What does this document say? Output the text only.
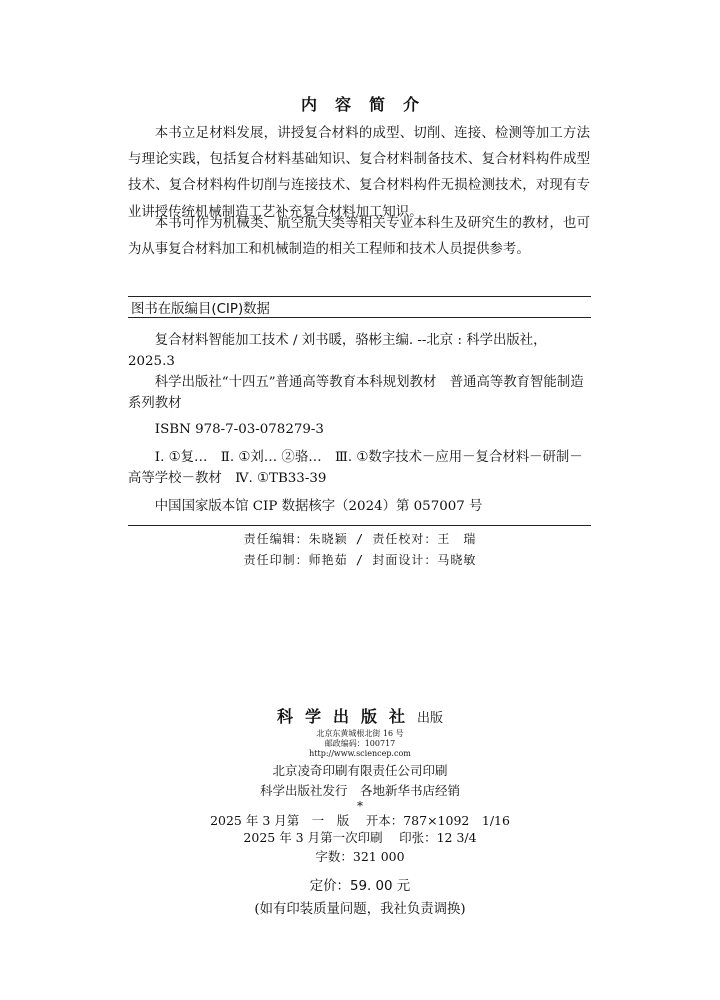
内容简介

本书立足材料发展，讲授复合材料的成型、切削、连接、检测等加工方法与理论实践，包括复合材料基础知识、复合材料制备技术、复合材料构件成型技术、复合材料构件切削与连接技术、复合材料构件无损检测技术，对现有专业讲授传统机械制造工艺补充复合材料加工知识。

本书可作为机械类、航空航天类等相关专业本科生及研究生的教材，也可为从事复合材料加工和机械制造的相关工程师和技术人员提供参考。

图书在版编目(CIP)数据

复合材料智能加工技术 / 刘书暖，骆彬主编. --北京 : 科学出版社，

2025.3

科学出版社“十四五”普通高等教育本科规划教材　普通高等教育智能制造系列教材

ISBN 978-7-03-078279-3

Ⅰ. ①复…　Ⅱ. ①刘… ②骆…　Ⅲ. ①数字技术－应用－复合材料－研制－高等学校－教材　Ⅳ. ①TB33-39

中国国家版本馆 CIP 数据核字（2024）第 057007 号

责任编辑：朱晓颖 / 责任校对：王　瑞
责任印制：师艳茹 / 封面设计：马晓敏
科学出版社出版
北京东黄城根北街 16 号
邮政编码：100717
http://www.sciencep.com
北京凌奇印刷有限责任公司印刷
科学出版社发行　各地新华书店经销
*
2025 年 3 月第　一　版　 开本：787×1092　1/16
2025 年 3 月第一次印刷　 印张：12 3/4
字数：321 000
定价：59. 00 元
(如有印装质量问题，我社负责调换)
